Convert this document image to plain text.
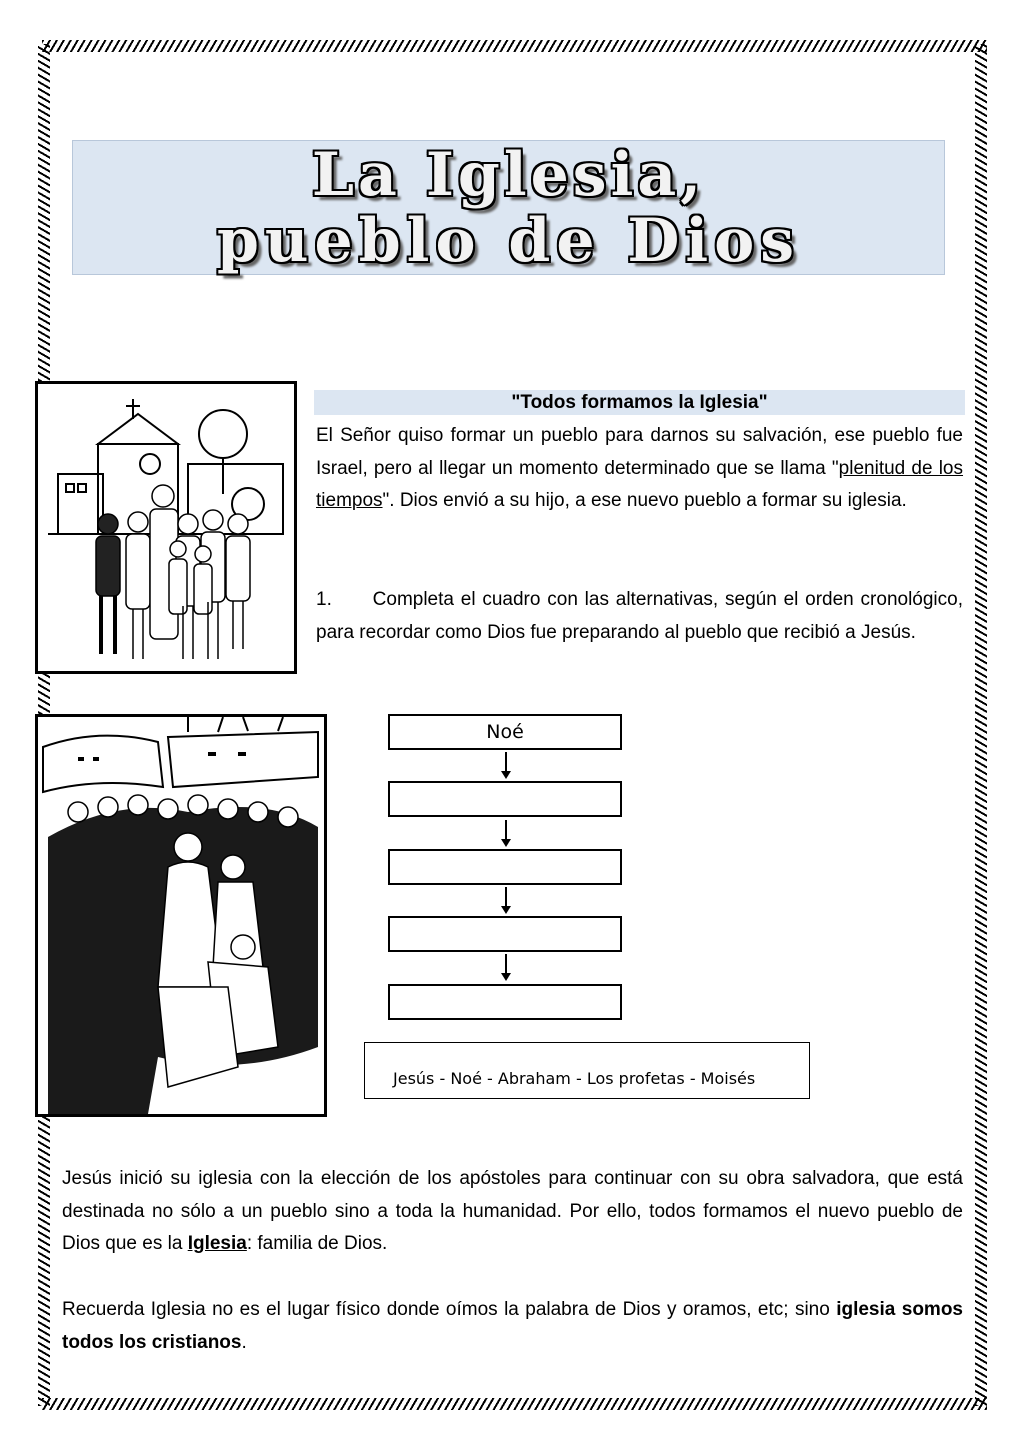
La Iglesia,
pueblo de Dios
"Todos formamos la Iglesia"
El Señor quiso formar un pueblo para darnos su salvación, ese pueblo fue Israel, pero al llegar un momento determinado que se llama "plenitud de los tiempos". Dios envió a su hijo, a ese nuevo pueblo a formar su iglesia.
1. Completa el cuadro con las alternativas, según el orden cronológico, para recordar como Dios fue preparando al pueblo que recibió a Jesús.
Noé
Jesús - Noé - Abraham - Los profetas - Moisés
Jesús inició su iglesia con la elección de los apóstoles para continuar con su obra salvadora, que está destinada no sólo a un pueblo sino a toda la humanidad. Por ello, todos formamos el nuevo pueblo de Dios que es la Iglesia: familia de Dios.
Recuerda Iglesia no es el lugar físico donde oímos la palabra de Dios y oramos, etc; sino iglesia somos todos los cristianos.
